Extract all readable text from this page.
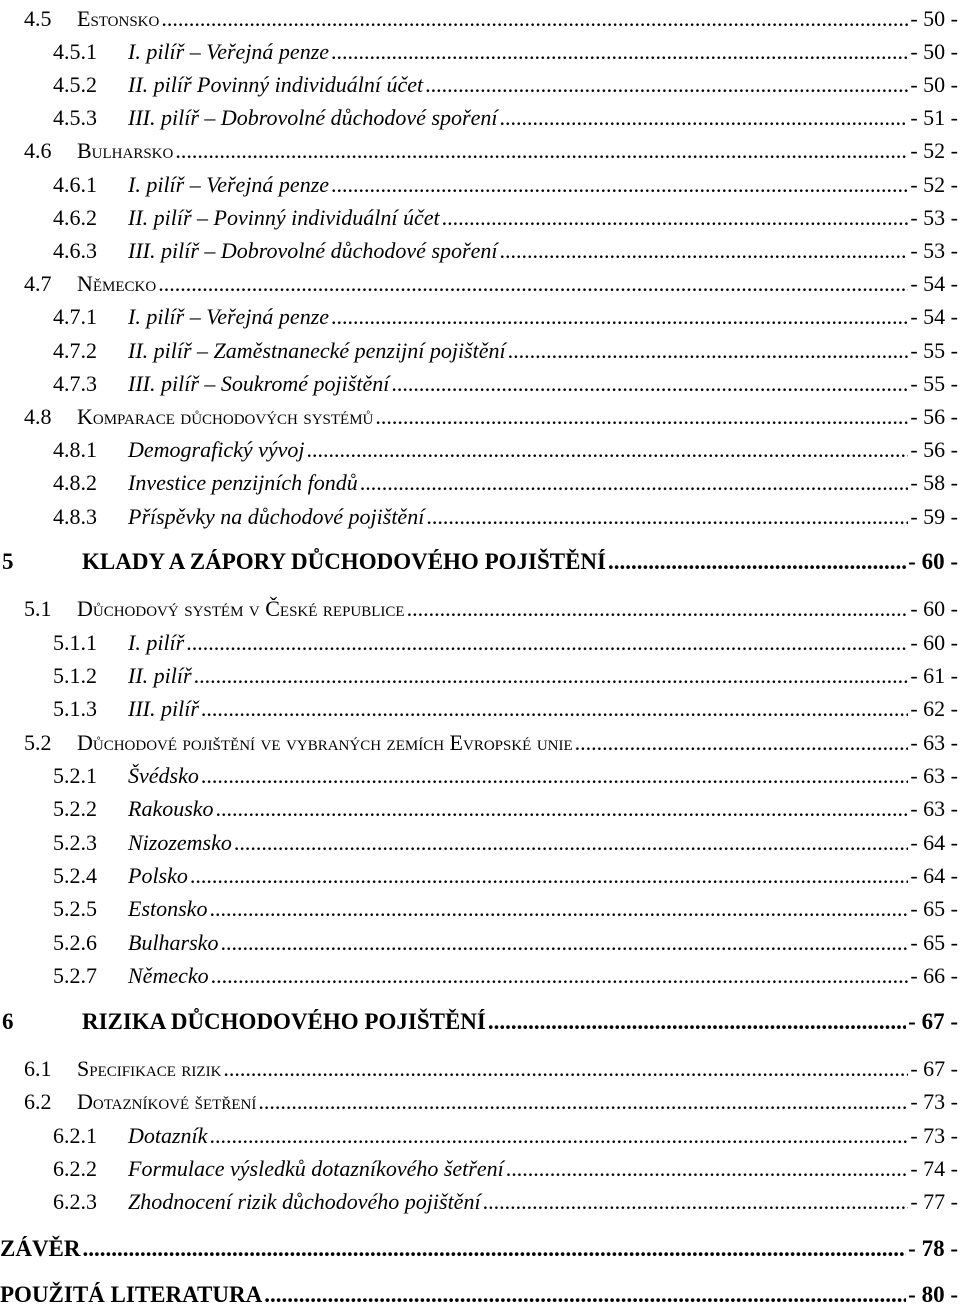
4.5	Estonsko .....	- 50 -
4.5.1	I. pilíř – Veřejná penze .....	- 50 -
4.5.2	II. pilíř Povinný individuální účet .....	- 50 -
4.5.3	III. pilíř – Dobrovolné důchodové spoření .....	- 51 -
4.6	Bulharsko .....	- 52 -
4.6.1	I. pilíř – Veřejná penze .....	- 52 -
4.6.2	II. pilíř – Povinný individuální účet .....	- 53 -
4.6.3	III. pilíř – Dobrovolné důchodové spoření .....	- 53 -
4.7	Německo .....	- 54 -
4.7.1	I. pilíř – Veřejná penze .....	- 54 -
4.7.2	II. pilíř – Zaměstnanecké penzijní pojištění .....	- 55 -
4.7.3	III. pilíř – Soukromé pojištění .....	- 55 -
4.8	Komparace důchodových systémů .....	- 56 -
4.8.1	Demografický vývoj .....	- 56 -
4.8.2	Investice penzijních fondů .....	- 58 -
4.8.3	Příspěvky na důchodové pojištění .....	- 59 -
5	KLADY A ZÁPORY DŮCHODOVÉHO POJIŠTĚNÍ .....	- 60 -
5.1	Důchodový systém v České republice .....	- 60 -
5.1.1	I. pilíř .....	- 60 -
5.1.2	II. pilíř .....	- 61 -
5.1.3	III. pilíř .....	- 62 -
5.2	Důchodové pojištění ve vybraných zemích Evropské unie .....	- 63 -
5.2.1	Švédsko .....	- 63 -
5.2.2	Rakousko .....	- 63 -
5.2.3	Nizozemsko .....	- 64 -
5.2.4	Polsko .....	- 64 -
5.2.5	Estonsko .....	- 65 -
5.2.6	Bulharsko .....	- 65 -
5.2.7	Německo .....	- 66 -
6	RIZIKA DŮCHODOVÉHO POJIŠTĚNÍ .....	- 67 -
6.1	Specifikace rizik .....	- 67 -
6.2	Dotazníkové šetření .....	- 73 -
6.2.1	Dotazník .....	- 73 -
6.2.2	Formulace výsledků dotazníkového šetření .....	- 74 -
6.2.3	Zhodnocení rizik důchodového pojištění .....	- 77 -
ZÁVĚR .....	- 78 -
POUŽITÁ LITERATURA .....	- 80 -
